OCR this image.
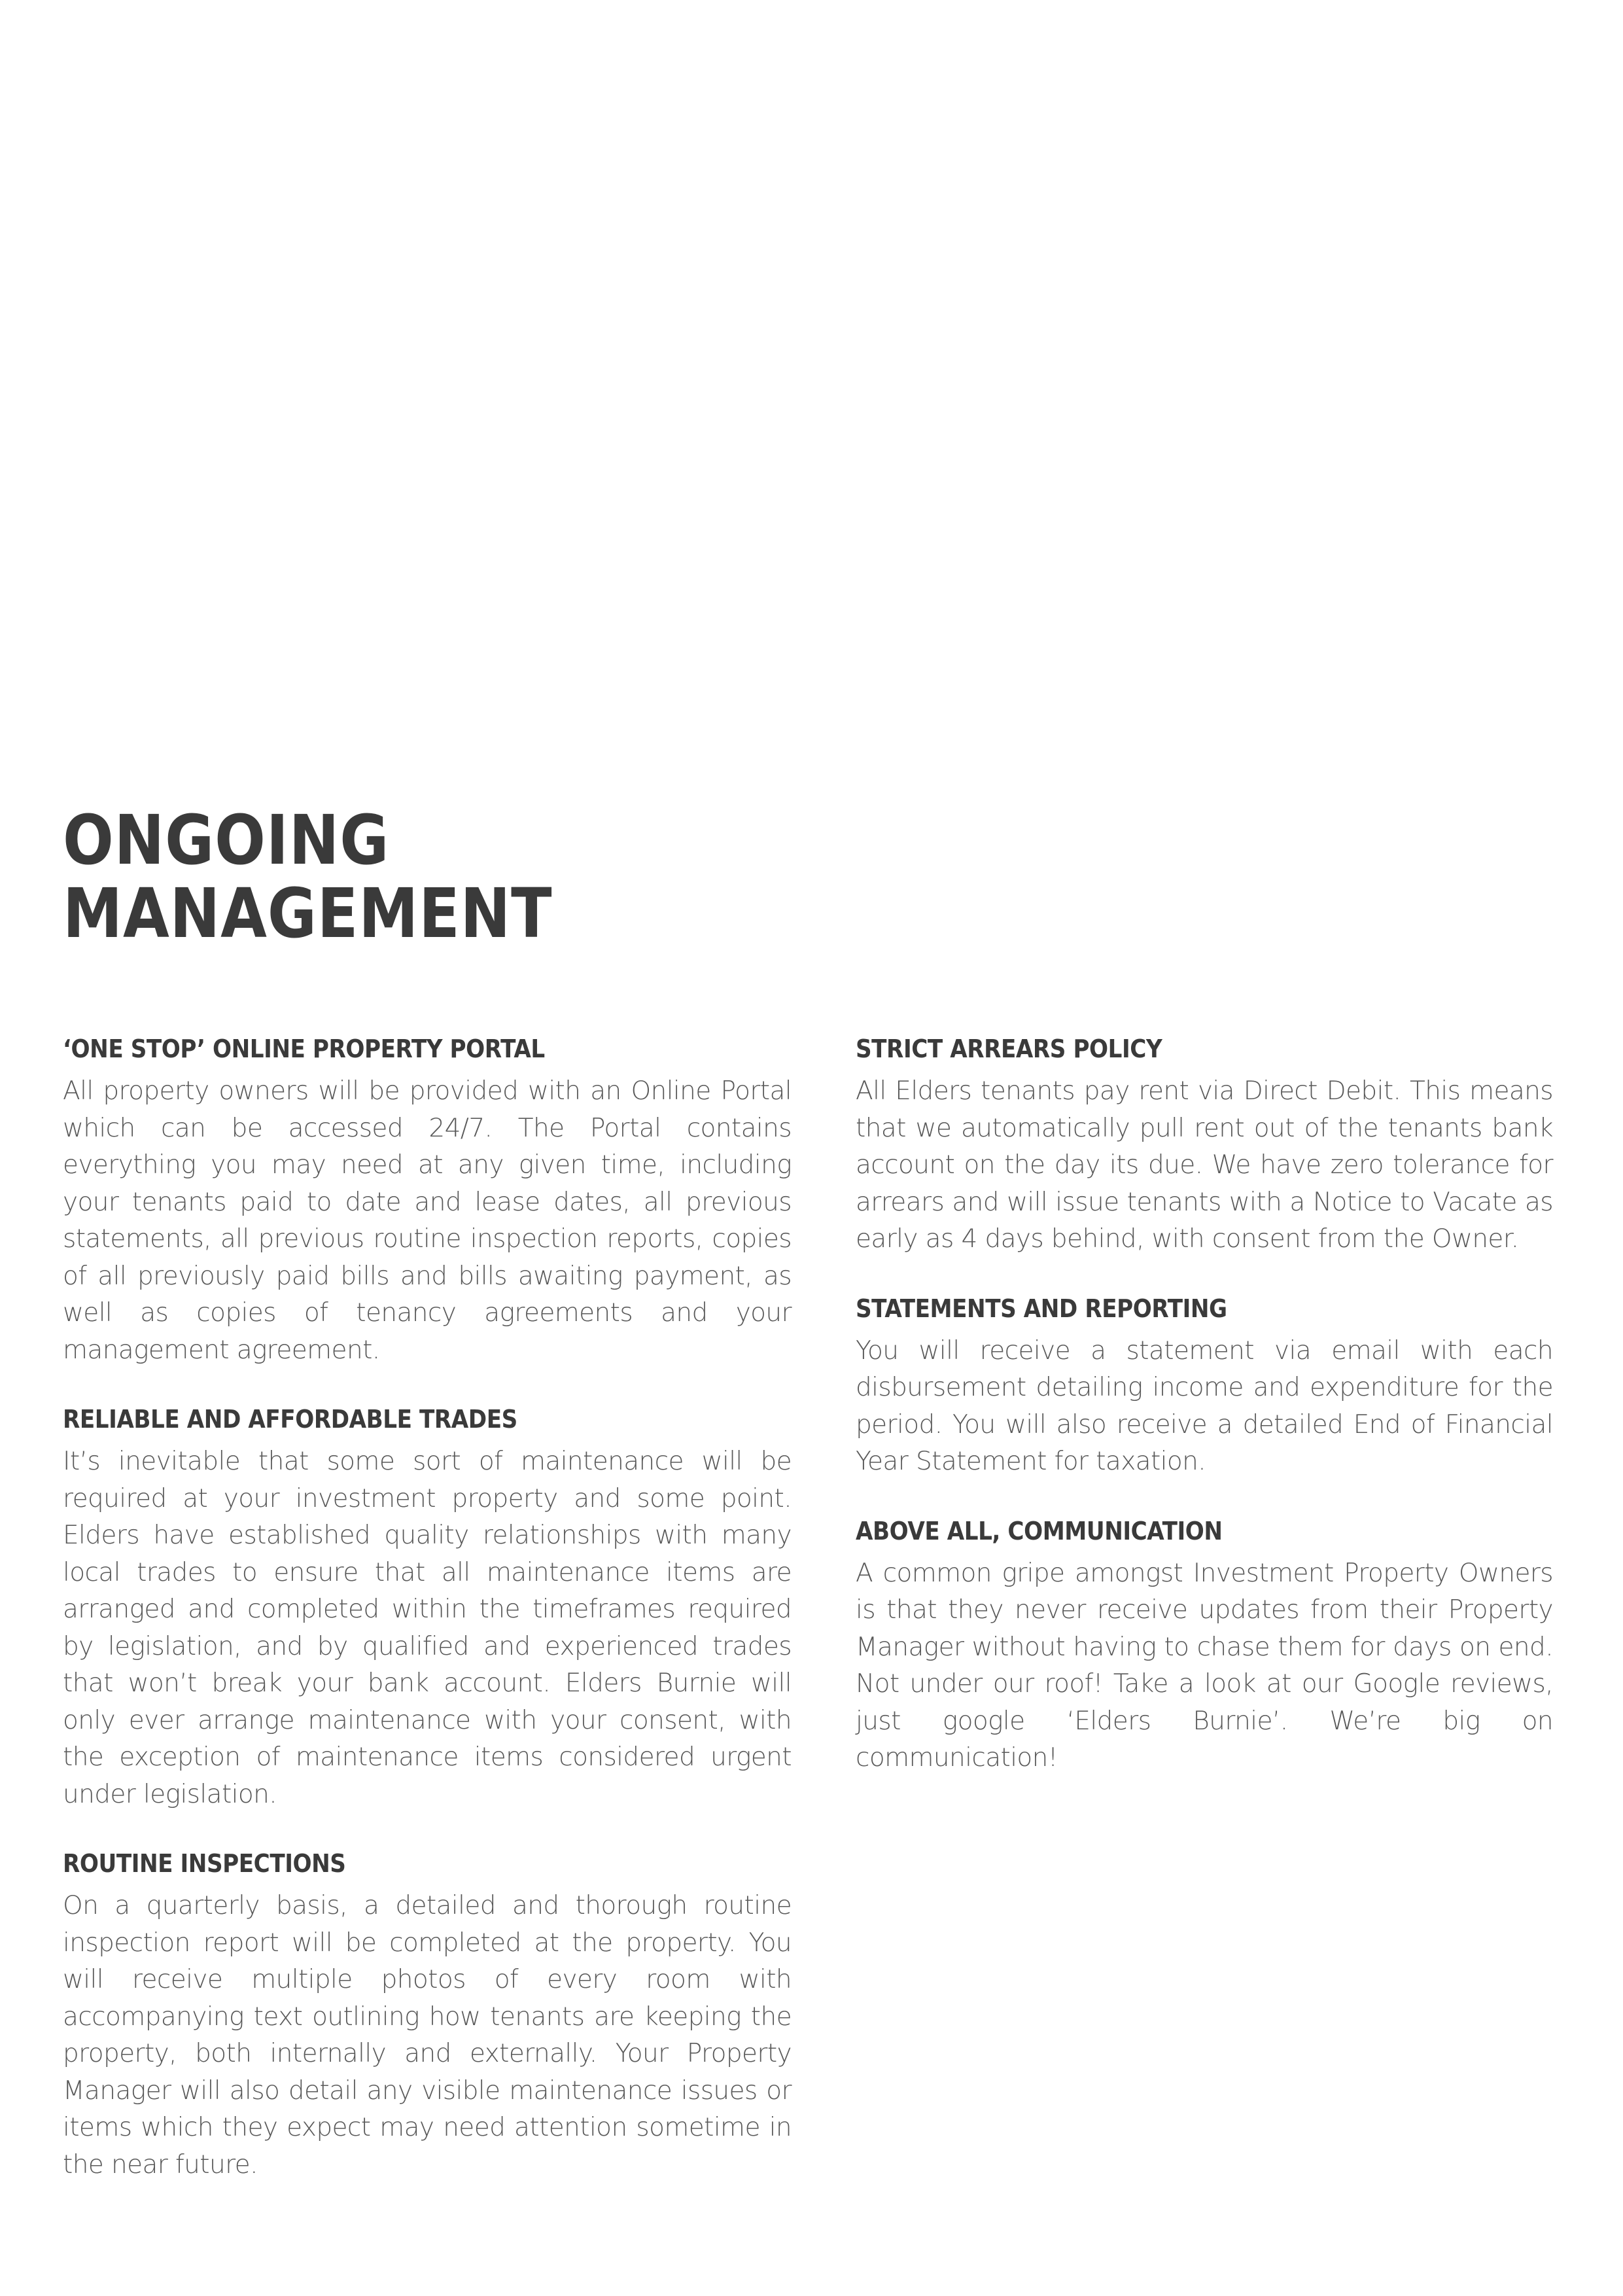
ONGOING
MANAGEMENT
‘ONE STOP’ ONLINE PROPERTY PORTAL

All property owners will be provided with an Online Portal which can be accessed 24/7. The Portal contains everything you may need at any given time, including your tenants paid to date and lease dates, all previous statements, all previous routine inspection reports, copies of all previously paid bills and bills awaiting payment, as well as copies of tenancy agreements and your management agreement.

RELIABLE AND AFFORDABLE TRADES

It’s inevitable that some sort of maintenance will be required at your investment property and some point. Elders have established quality relationships with many local trades to ensure that all maintenance items are arranged and completed within the timeframes required by legislation, and by qualified and experienced trades that won’t break your bank account. Elders Burnie will only ever arrange maintenance with your consent, with the exception of maintenance items considered urgent under legislation.

ROUTINE INSPECTIONS

On a quarterly basis, a detailed and thorough routine inspection report will be completed at the property. You will receive multiple photos of every room with accompanying text outlining how tenants are keeping the property, both internally and externally. Your Property Manager will also detail any visible maintenance issues or items which they expect may need attention sometime in the near future.

STRICT ARREARS POLICY

All Elders tenants pay rent via Direct Debit. This means that we automatically pull rent out of the tenants bank account on the day its due. We have zero tolerance for arrears and will issue tenants with a Notice to Vacate as early as 4 days behind, with consent from the Owner.

STATEMENTS AND REPORTING

You will receive a statement via email with each disbursement detailing income and expenditure for the period. You will also receive a detailed End of Financial Year Statement for taxation.

ABOVE ALL, COMMUNICATION

A common gripe amongst Investment Property Owners is that they never receive updates from their Property Manager without having to chase them for days on end. Not under our roof! Take a look at our Google reviews, just google ‘Elders Burnie’. We’re big on communication!
